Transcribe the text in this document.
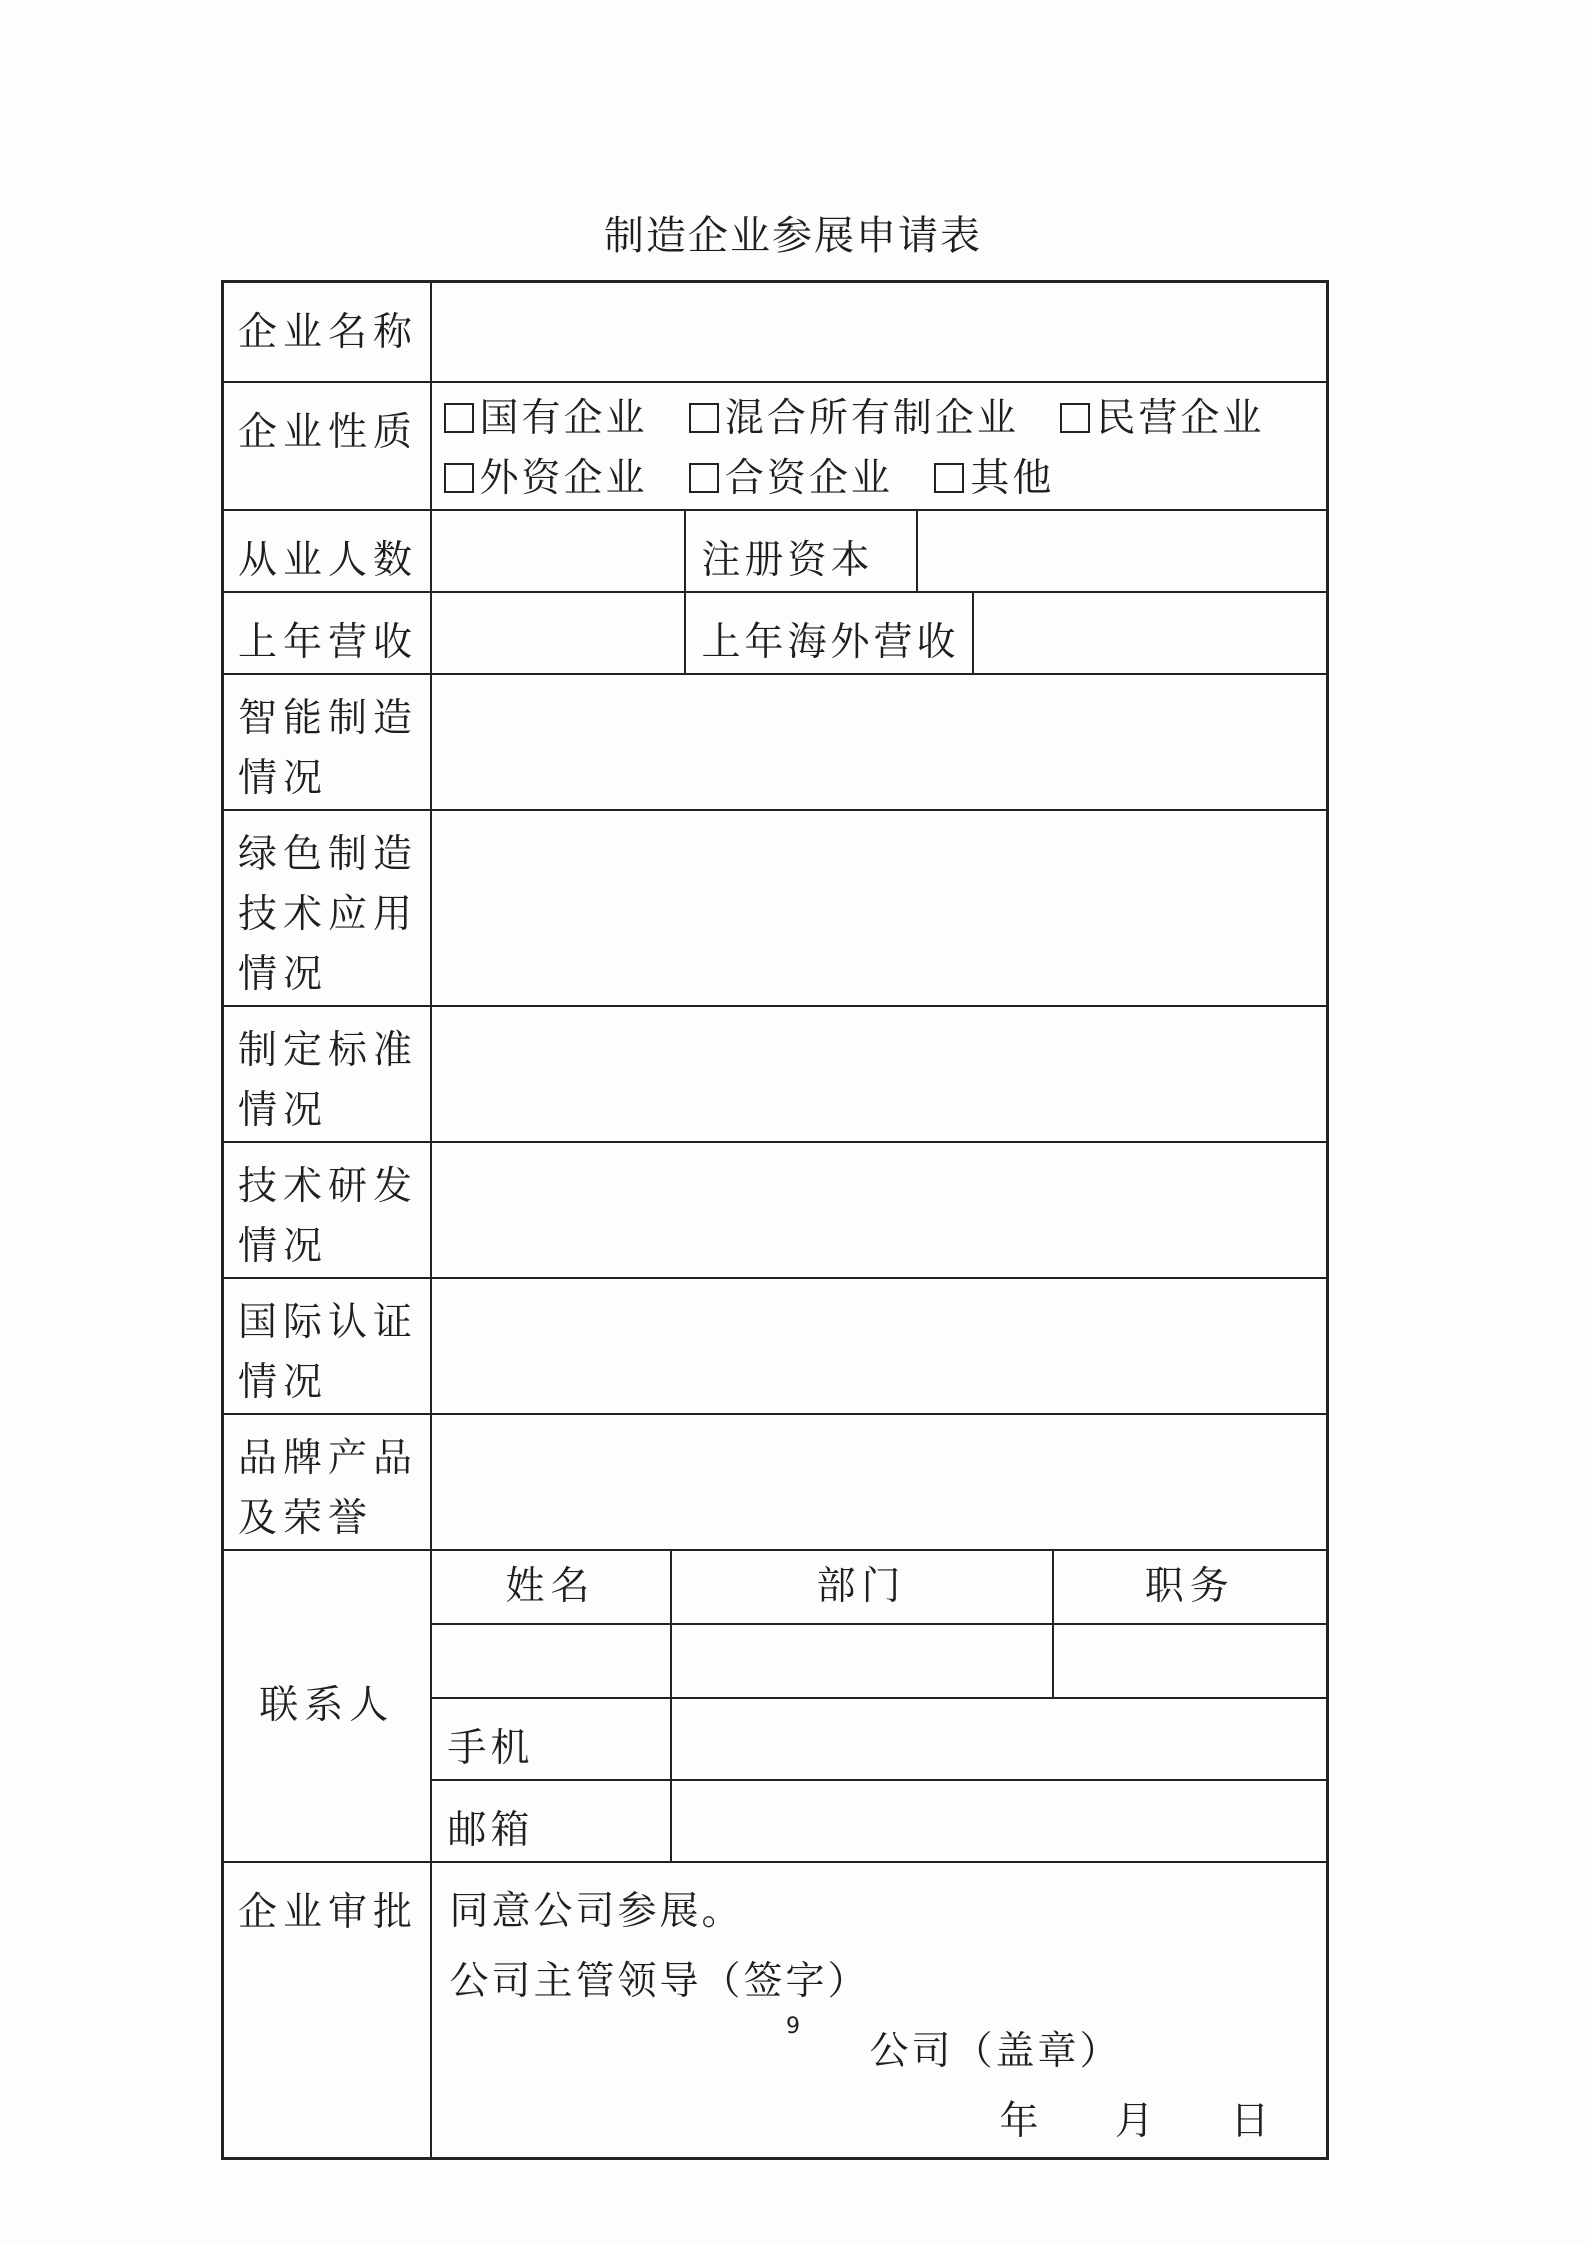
制造企业参展申请表
企业名称						
企业性质	国有企业 混合所有制企业 民营企业 外资企业 合资企业 其他					
从业人数			注册资本			
上年营收			上年海外营收			
智能制造情况						
绿色制造技术应用情况						
制定标准情况						
技术研发情况						
国际认证情况						
品牌产品及荣誉						
联系人	姓名	部门				职务

	手机					
	邮箱					
企业审批	同意公司参展。
公司主管领导（签字）
公司（盖章）
年 月 日					
9
